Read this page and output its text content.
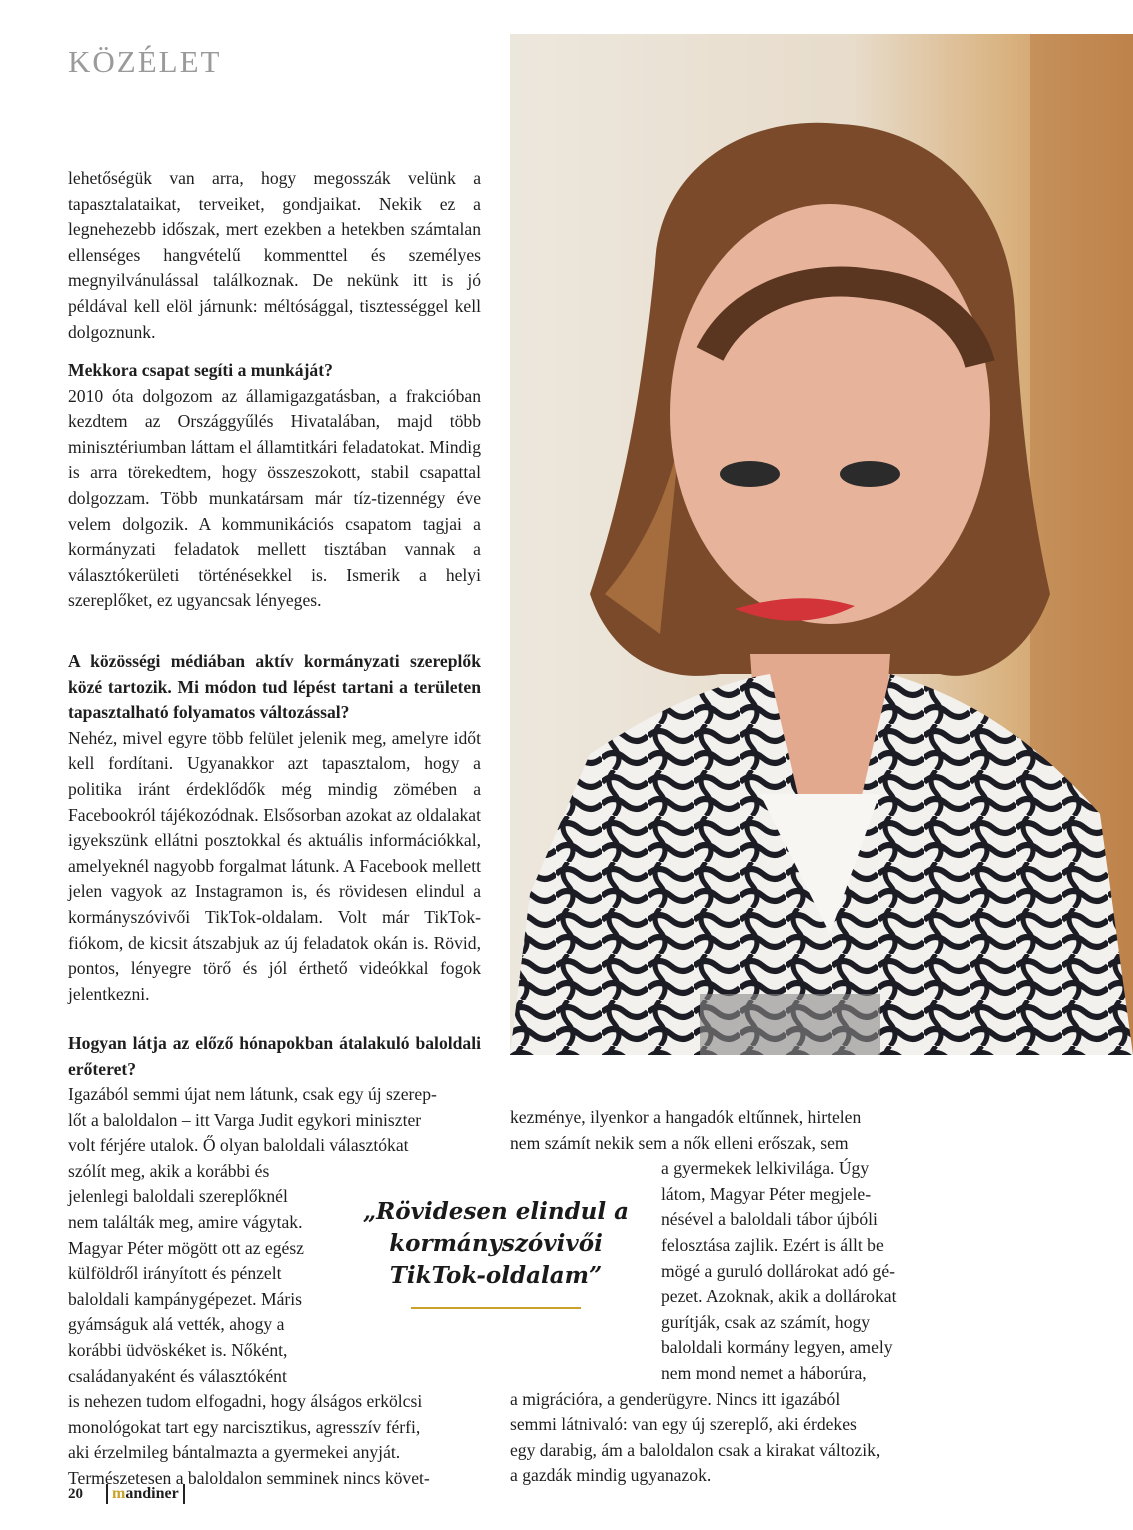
KÖZÉLET

lehetőségük van arra, hogy megosszák velünk a tapasztalataikat, terveiket, gondjaikat. Nekik ez a legnehezebb időszak, mert ezekben a hetekben számtalan ellenséges hangvételű kommenttel és személyes megnyilvánulással találkoznak. De nekünk itt is jó példával kell elöl járnunk: méltósággal, tisztességgel kell dolgoznunk.

Mekkora csapat segíti a munkáját?

2010 óta dolgozom az államigazgatásban, a frakcióban kezdtem az Országgyűlés Hivatalában, majd több minisztériumban láttam el államtitkári feladatokat. Mindig is arra törekedtem, hogy összeszokott, stabil csapattal dolgozzam. Több munkatársam már tíz-tizennégy éve velem dolgozik. A kommunikációs csapatom tagjai a kormányzati feladatok mellett tisztában vannak a választókerületi történésekkel is. Ismerik a helyi szereplőket, ez ugyancsak lényeges.

A közösségi médiában aktív kormányzati szereplők közé tartozik. Mi módon tud lépést tartani a területen tapasztalható folyamatos változással?

Nehéz, mivel egyre több felület jelenik meg, amelyre időt kell fordítani. Ugyanakkor azt tapasztalom, hogy a politika iránt érdeklődők még mindig zömében a Facebookról tájékozódnak. Elsősorban azokat az oldalakat igyekszünk ellátni posztokkal és aktuális információkkal, amelyeknél nagyobb forgalmat látunk. A Facebook mellett jelen vagyok az Instagramon is, és rövidesen elindul a kormányszóvivői TikTok-oldalam. Volt már TikTok-fiókom, de kicsit átszabjuk az új feladatok okán is. Rövid, pontos, lényegre törő és jól érthető videókkal fogok jelentkezni.

Hogyan látja az előző hónapokban átalakuló baloldali erőteret?

Igazából semmi újat nem látunk, csak egy új szerep-
lőt a baloldalon – itt Varga Judit egykori miniszter
volt férjére utalok. Ő olyan baloldali választókat
szólít meg, akik a korábbi és
jelenlegi baloldali szereplőknél
nem találták meg, amire vágytak.
Magyar Péter mögött ott az egész
külföldről irányított és pénzelt
baloldali kampánygépezet. Máris
gyámságuk alá vették, ahogy a
korábbi üdvöskéket is. Nőként,
családanyaként és választóként
is nehezen tudom elfogadni, hogy álságos erkölcsi
monológokat tart egy narcisztikus, agresszív férfi,
aki érzelmileg bántalmazta a gyermekei anyját.
Természetesen a baloldalon semminek nincs követ-
kezménye, ilyenkor a hangadók eltűnnek, hirtelen
nem számít nekik sem a nők elleni erőszak, sem
a gyermekek lelkivilága. Úgy
látom, Magyar Péter megjele-
nésével a baloldali tábor újbóli
felosztása zajlik. Ezért is állt be
mögé a guruló dollárokat adó gé-
pezet. Azoknak, akik a dollárokat
gurítják, csak az számít, hogy
baloldali kormány legyen, amely
nem mond nemet a háborúra,
a migrációra, a genderügyre. Nincs itt igazából
semmi látnivaló: van egy új szereplő, aki érdekes
egy darabig, ám a baloldalon csak a kirakat változik,
a gazdák mindig ugyanazok.
„Rövidesen elindul a kormányszóvivői TikTok-oldalam”
20	mandiner
